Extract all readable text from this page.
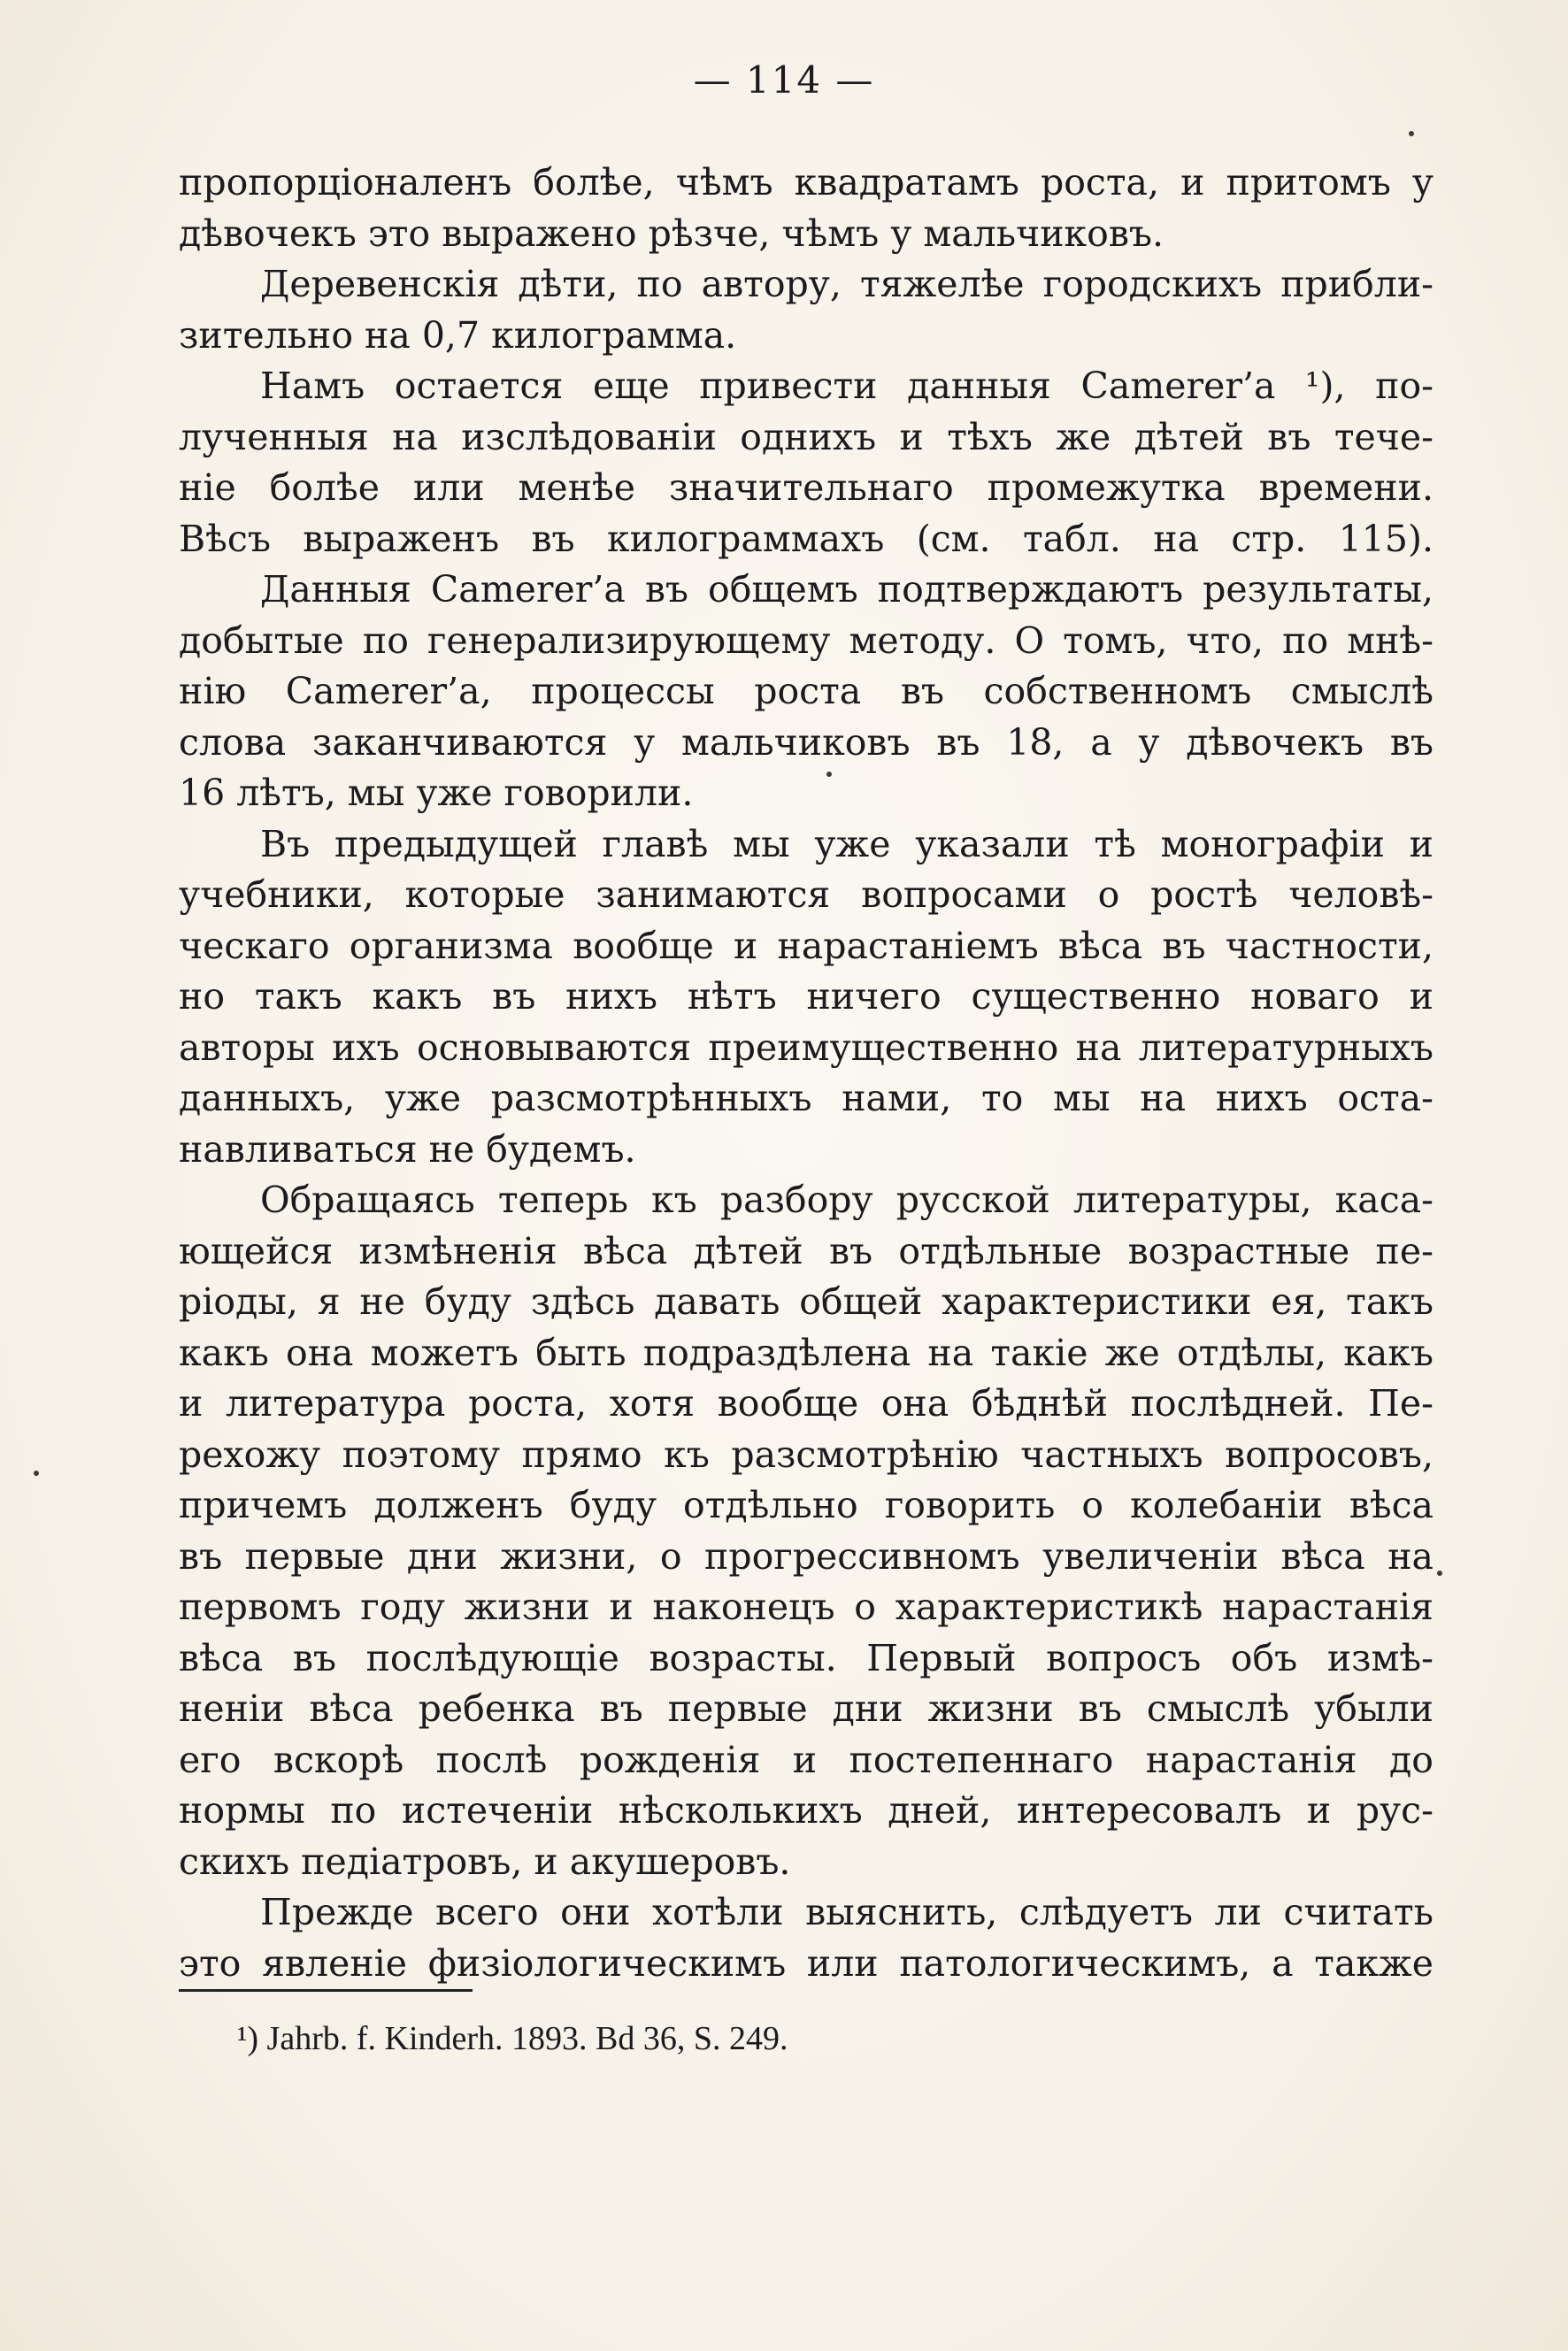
— 114 —
пропорціоналенъ болѣе, чѣмъ квадратамъ роста, и притомъ у
дѣвочекъ это выражено рѣзче, чѣмъ у мальчиковъ.
Деревенскія дѣти, по автору, тяжелѣе городскихъ прибли-
зительно на 0,7 килограмма.
Намъ остается еще привести данныя Camerer’a ¹), по-
лученныя на изслѣдованіи однихъ и тѣхъ же дѣтей въ тече-
ніе болѣе или менѣе значительнаго промежутка времени.
Вѣсъ выраженъ въ килограммахъ (см. табл. на стр. 115).
Данныя Camerer’a въ общемъ подтверждаютъ результаты,
добытые по генерализирующему методу. О томъ, что, по мнѣ-
нію Camerer’a, процессы роста въ собственномъ смыслѣ
слова заканчиваются у мальчиковъ въ 18, а у дѣвочекъ въ
16 лѣтъ, мы уже говорили.
Въ предыдущей главѣ мы уже указали тѣ монографіи и
учебники, которые занимаются вопросами о ростѣ человѣ-
ческаго организма вообще и нарастаніемъ вѣса въ частности,
но такъ какъ въ нихъ нѣтъ ничего существенно новаго и
авторы ихъ основываются преимущественно на литературныхъ
данныхъ, уже разсмотрѣнныхъ нами, то мы на нихъ оста-
навливаться не будемъ.
Обращаясь теперь къ разбору русской литературы, каса-
ющейся измѣненія вѣса дѣтей въ отдѣльные возрастные пе-
ріоды, я не буду здѣсь давать общей характеристики ея, такъ
какъ она можетъ быть подраздѣлена на такіе же отдѣлы, какъ
и литература роста, хотя вообще она бѣднѣй послѣдней. Пе-
рехожу поэтому прямо къ разсмотрѣнію частныхъ вопросовъ,
причемъ долженъ буду отдѣльно говорить о колебаніи вѣса
въ первые дни жизни, о прогрессивномъ увеличеніи вѣса на
первомъ году жизни и наконецъ о характеристикѣ нарастанія
вѣса въ послѣдующіе возрасты. Первый вопросъ объ измѣ-
неніи вѣса ребенка въ первые дни жизни въ смыслѣ убыли
его вскорѣ послѣ рожденія и постепеннаго нарастанія до
нормы по истеченіи нѣсколькихъ дней, интересовалъ и рус-
скихъ педіатровъ, и акушеровъ.
Прежде всего они хотѣли выяснить, слѣдуетъ ли считать
это явленіе физіологическимъ или патологическимъ, а также
¹) Jahrb. f. Kinderh. 1893. Bd 36, S. 249.
